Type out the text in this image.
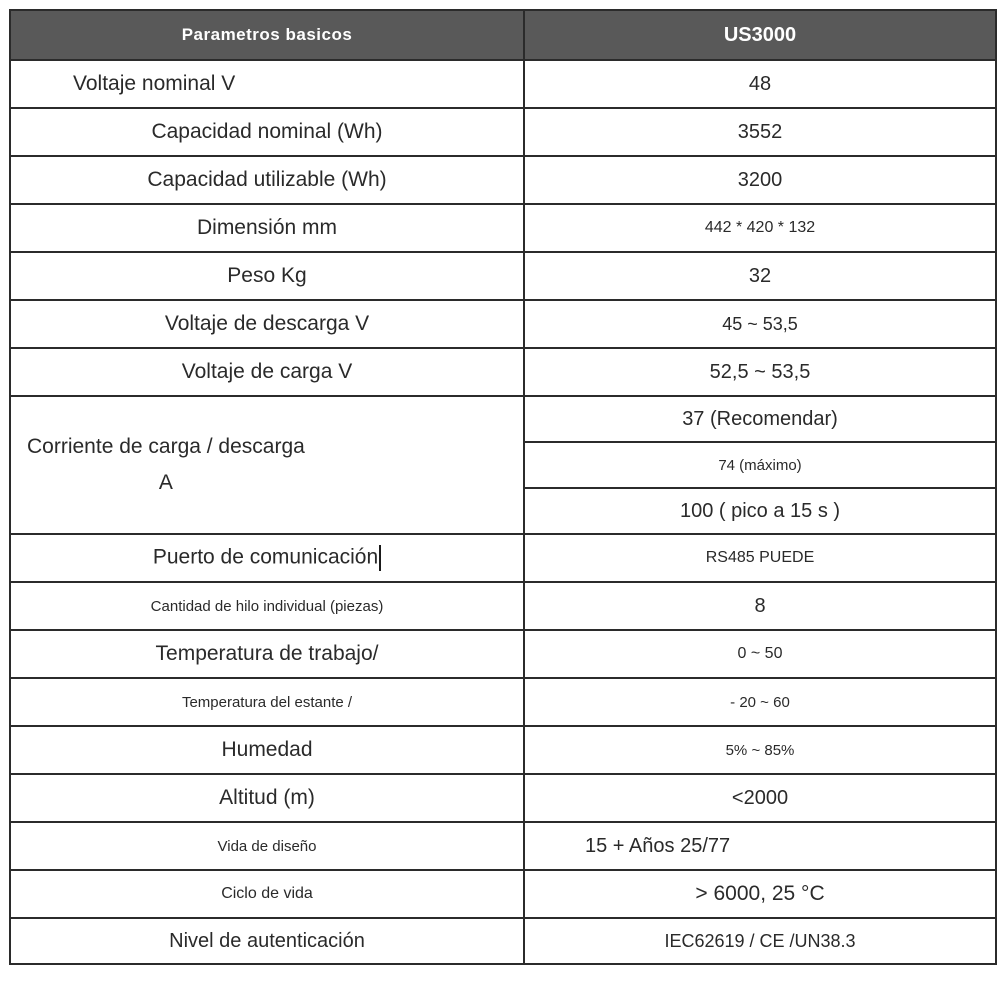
Parametros basicos	US3000
Voltaje nominal V	48
Capacidad nominal (Wh)	3552
Capacidad utilizable (Wh)	3200
Dimensión mm	442 * 420 * 132
Peso Kg	32
Voltaje de descarga V	45 ~ 53,5
Voltaje de carga V	52,5 ~ 53,5

Corriente de carga / descarga
A	37 (Recomendar)
	74 (máximo)
	100 ( pico a 15 s )
Puerto de comunicación	RS485 PUEDE
Cantidad de hilo individual (piezas)	8
Temperatura de trabajo/	0 ~ 50
Temperatura del estante /	- 20 ~ 60
Humedad	5% ~ 85%
Altitud (m)	<2000
Vida de diseño	15 + Años 25/77
Ciclo de vida	> 6000, 25 °C
Nivel de autenticación	IEC62619 / CE /UN38.3
